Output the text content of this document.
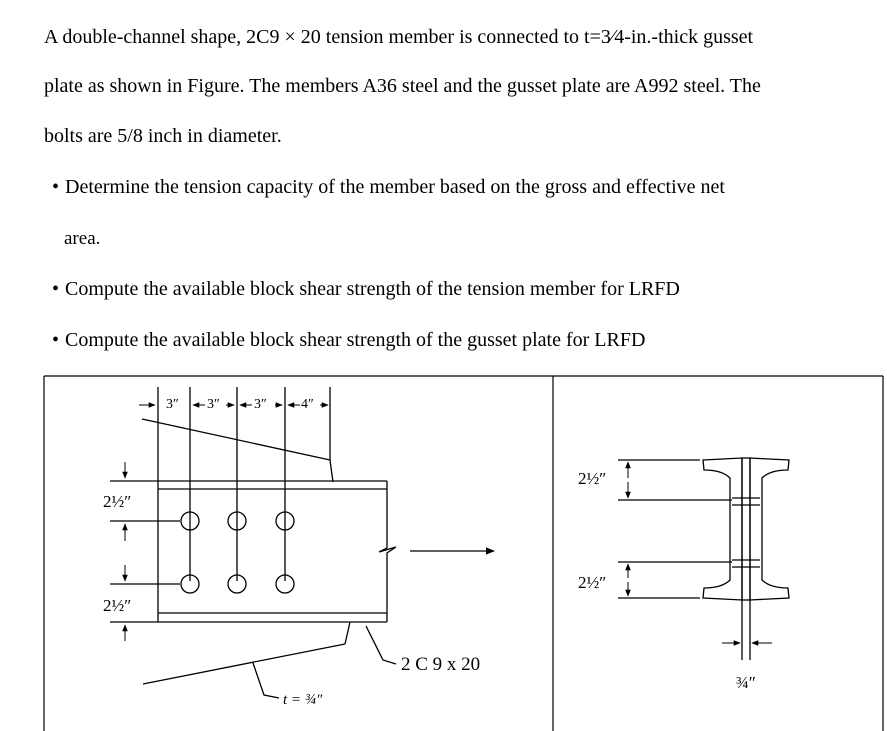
A double-channel shape, 2C9 × 20 tension member is connected to t=3⁄4-in.-thick gusset
plate as shown in Figure. The members A36 steel and the gusset plate are A992 steel. The
bolts are 5/8 inch in diameter.
• Determine the tension capacity of the member based on the gross and effective net
area.
• Compute the available block shear strength of the tension member for LRFD
• Compute the available block shear strength of the gusset plate for LRFD
3″ 3″ 3″ 4″
2½″
2½″
2 C 9 x 20
t = ¾″
2½″
2½″
¾″
